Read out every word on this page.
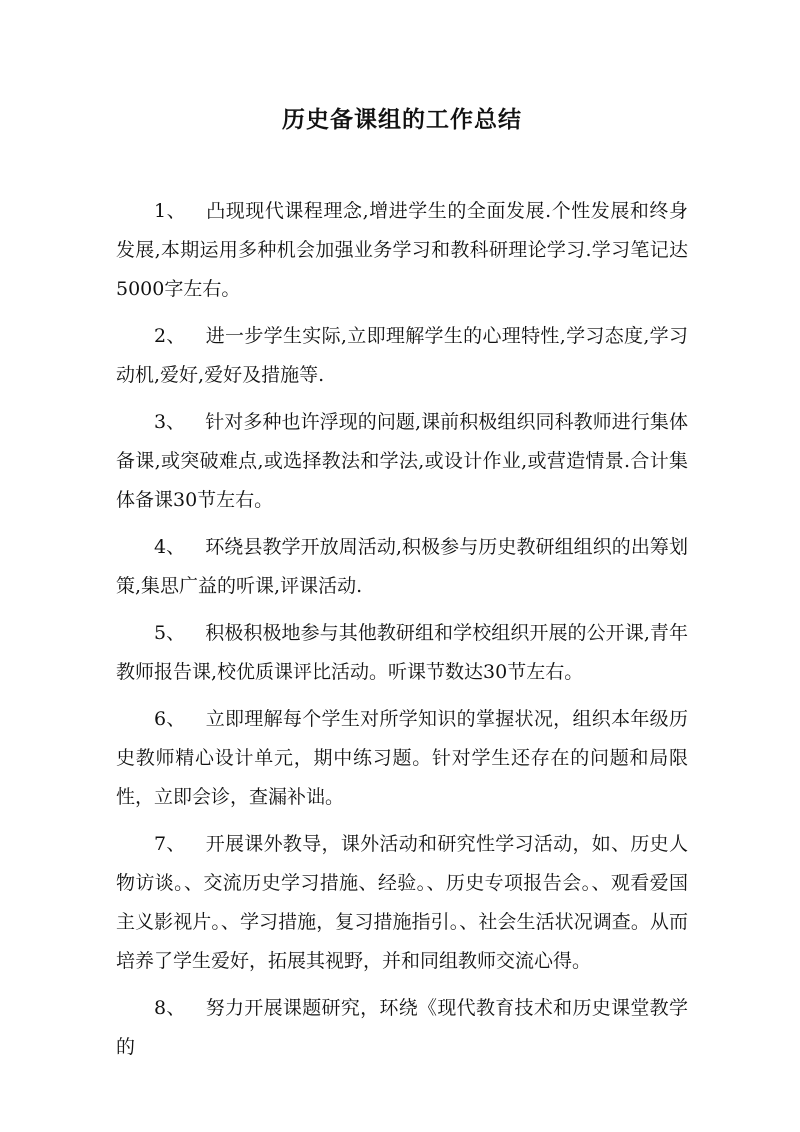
历史备课组的工作总结

1、 凸现现代课程理念,增进学生的全面发展.个性发展和终身发展,本期运用多种机会加强业务学习和教科研理论学习.学习笔记达5000字左右。

2、 进一步学生实际,立即理解学生的心理特性,学习态度,学习动机,爱好,爱好及措施等.

3、 针对多种也许浮现的问题,课前积极组织同科教师进行集体备课,或突破难点,或选择教法和学法,或设计作业,或营造情景.合计集体备课30节左右。

4、 环绕县教学开放周活动,积极参与历史教研组组织的出筹划策,集思广益的听课,评课活动.

5、 积极积极地参与其他教研组和学校组织开展的公开课,青年教师报告课,校优质课评比活动。听课节数达30节左右。

6、 立即理解每个学生对所学知识的掌握状况，组织本年级历史教师精心设计单元，期中练习题。针对学生还存在的问题和局限性，立即会诊，查漏补诎。

7、 开展课外教导，课外活动和研究性学习活动，如、历史人物访谈。、交流历史学习措施、经验。、历史专项报告会。、观看爱国主义影视片。、学习措施，复习措施指引。、社会生活状况调查。从而培养了学生爱好，拓展其视野，并和同组教师交流心得。

8、 努力开展课题研究，环绕《现代教育技术和历史课堂教学的
